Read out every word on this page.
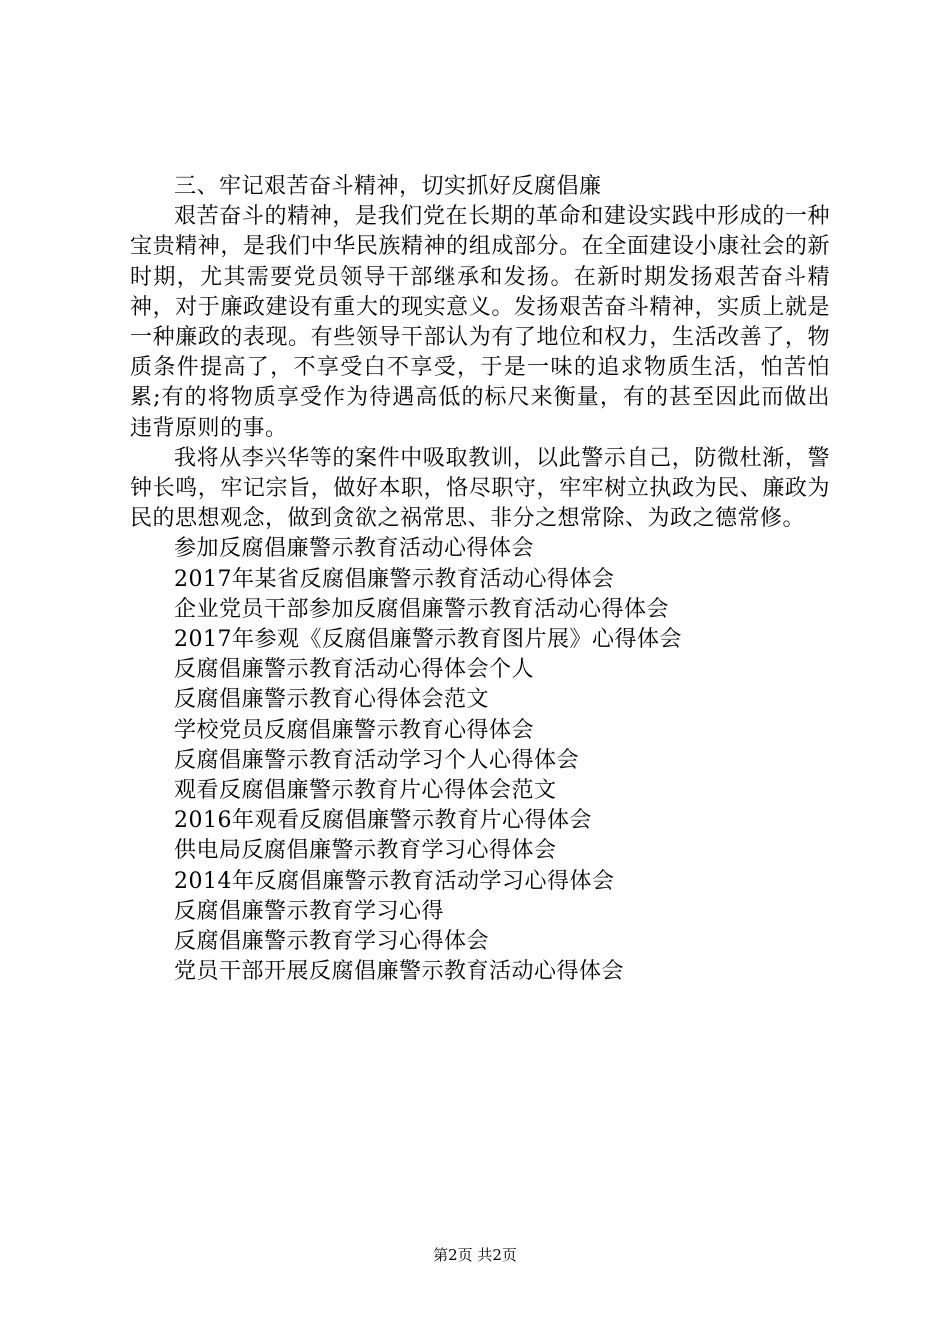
三、牢记艰苦奋斗精神，切实抓好反腐倡廉

艰苦奋斗的精神，是我们党在长期的革命和建设实践中形成的一种宝贵精神，是我们中华民族精神的组成部分。在全面建设小康社会的新时期，尤其需要党员领导干部继承和发扬。在新时期发扬艰苦奋斗精神，对于廉政建设有重大的现实意义。发扬艰苦奋斗精神，实质上就是一种廉政的表现。有些领导干部认为有了地位和权力，生活改善了，物质条件提高了，不享受白不享受，于是一味的追求物质生活，怕苦怕累;有的将物质享受作为待遇高低的标尺来衡量，有的甚至因此而做出违背原则的事。

我将从李兴华等的案件中吸取教训，以此警示自己，防微杜渐，警钟长鸣，牢记宗旨，做好本职，恪尽职守，牢牢树立执政为民、廉政为民的思想观念，做到贪欲之祸常思、非分之想常除、为政之德常修。

参加反腐倡廉警示教育活动心得体会
2017年某省反腐倡廉警示教育活动心得体会
企业党员干部参加反腐倡廉警示教育活动心得体会
2017年参观《反腐倡廉警示教育图片展》心得体会
反腐倡廉警示教育活动心得体会个人
反腐倡廉警示教育心得体会范文
学校党员反腐倡廉警示教育心得体会
反腐倡廉警示教育活动学习个人心得体会
观看反腐倡廉警示教育片心得体会范文
2016年观看反腐倡廉警示教育片心得体会
供电局反腐倡廉警示教育学习心得体会
2014年反腐倡廉警示教育活动学习心得体会
反腐倡廉警示教育学习心得
反腐倡廉警示教育学习心得体会
党员干部开展反腐倡廉警示教育活动心得体会
第2页 共2页
